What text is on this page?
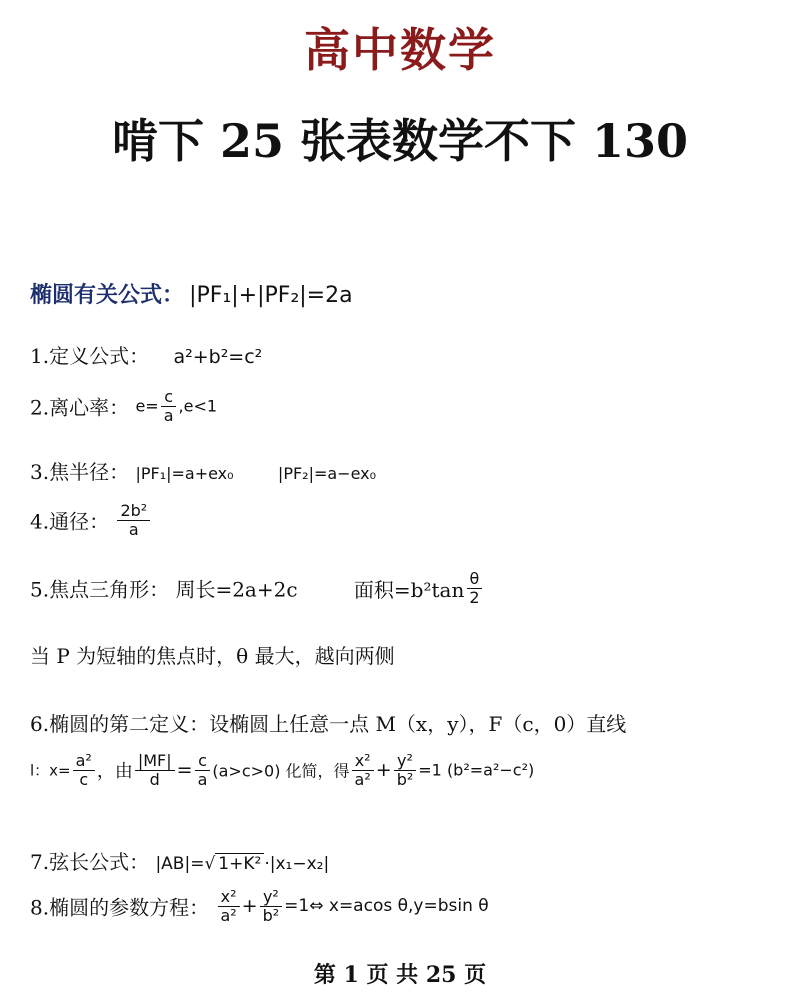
高中数学
啃下 25 张表数学不下 130
椭圆有关公式： |PF₁|+|PF₂|=2a
1.定义公式： a²+b²=c²
2.离心率： $e= \frac{c}{a} ,e<1$
3.焦半径： |PF₁|=a+ex₀	|PF₂|=a−ex₀
4.通径： $\frac{\text{2b²}}{a}$
5.焦点三角形： 周长=2a+2c	面积$=b^2\tan \frac{\theta}{2}$
当 P 为短轴的焦点时，θ 最大，越向两侧
6.椭圆的第二定义：设椭圆上任意一点 M（x，y），F（c，0）直线
l：$x= \frac{\text{a²}}{c}$ ，由 $\frac{|MF|}{d} = \frac{c}{a} (a>c>0)$ 化简，得 $\frac{\text{x²}}{\text{a²}} + \frac{\text{y²}}{\text{b²}} =1$ (b²=a²−c²)
7.弦长公式： |AB|=√ 1+K² ·|x₁−x₂|
8.椭圆的参数方程： $\frac{\text{x²}}{\text{a²}} + \frac{\text{y²}}{\text{b²}}$ =1⇔ x=acos θ,y=bsin θ
第 1 页 共 25 页
